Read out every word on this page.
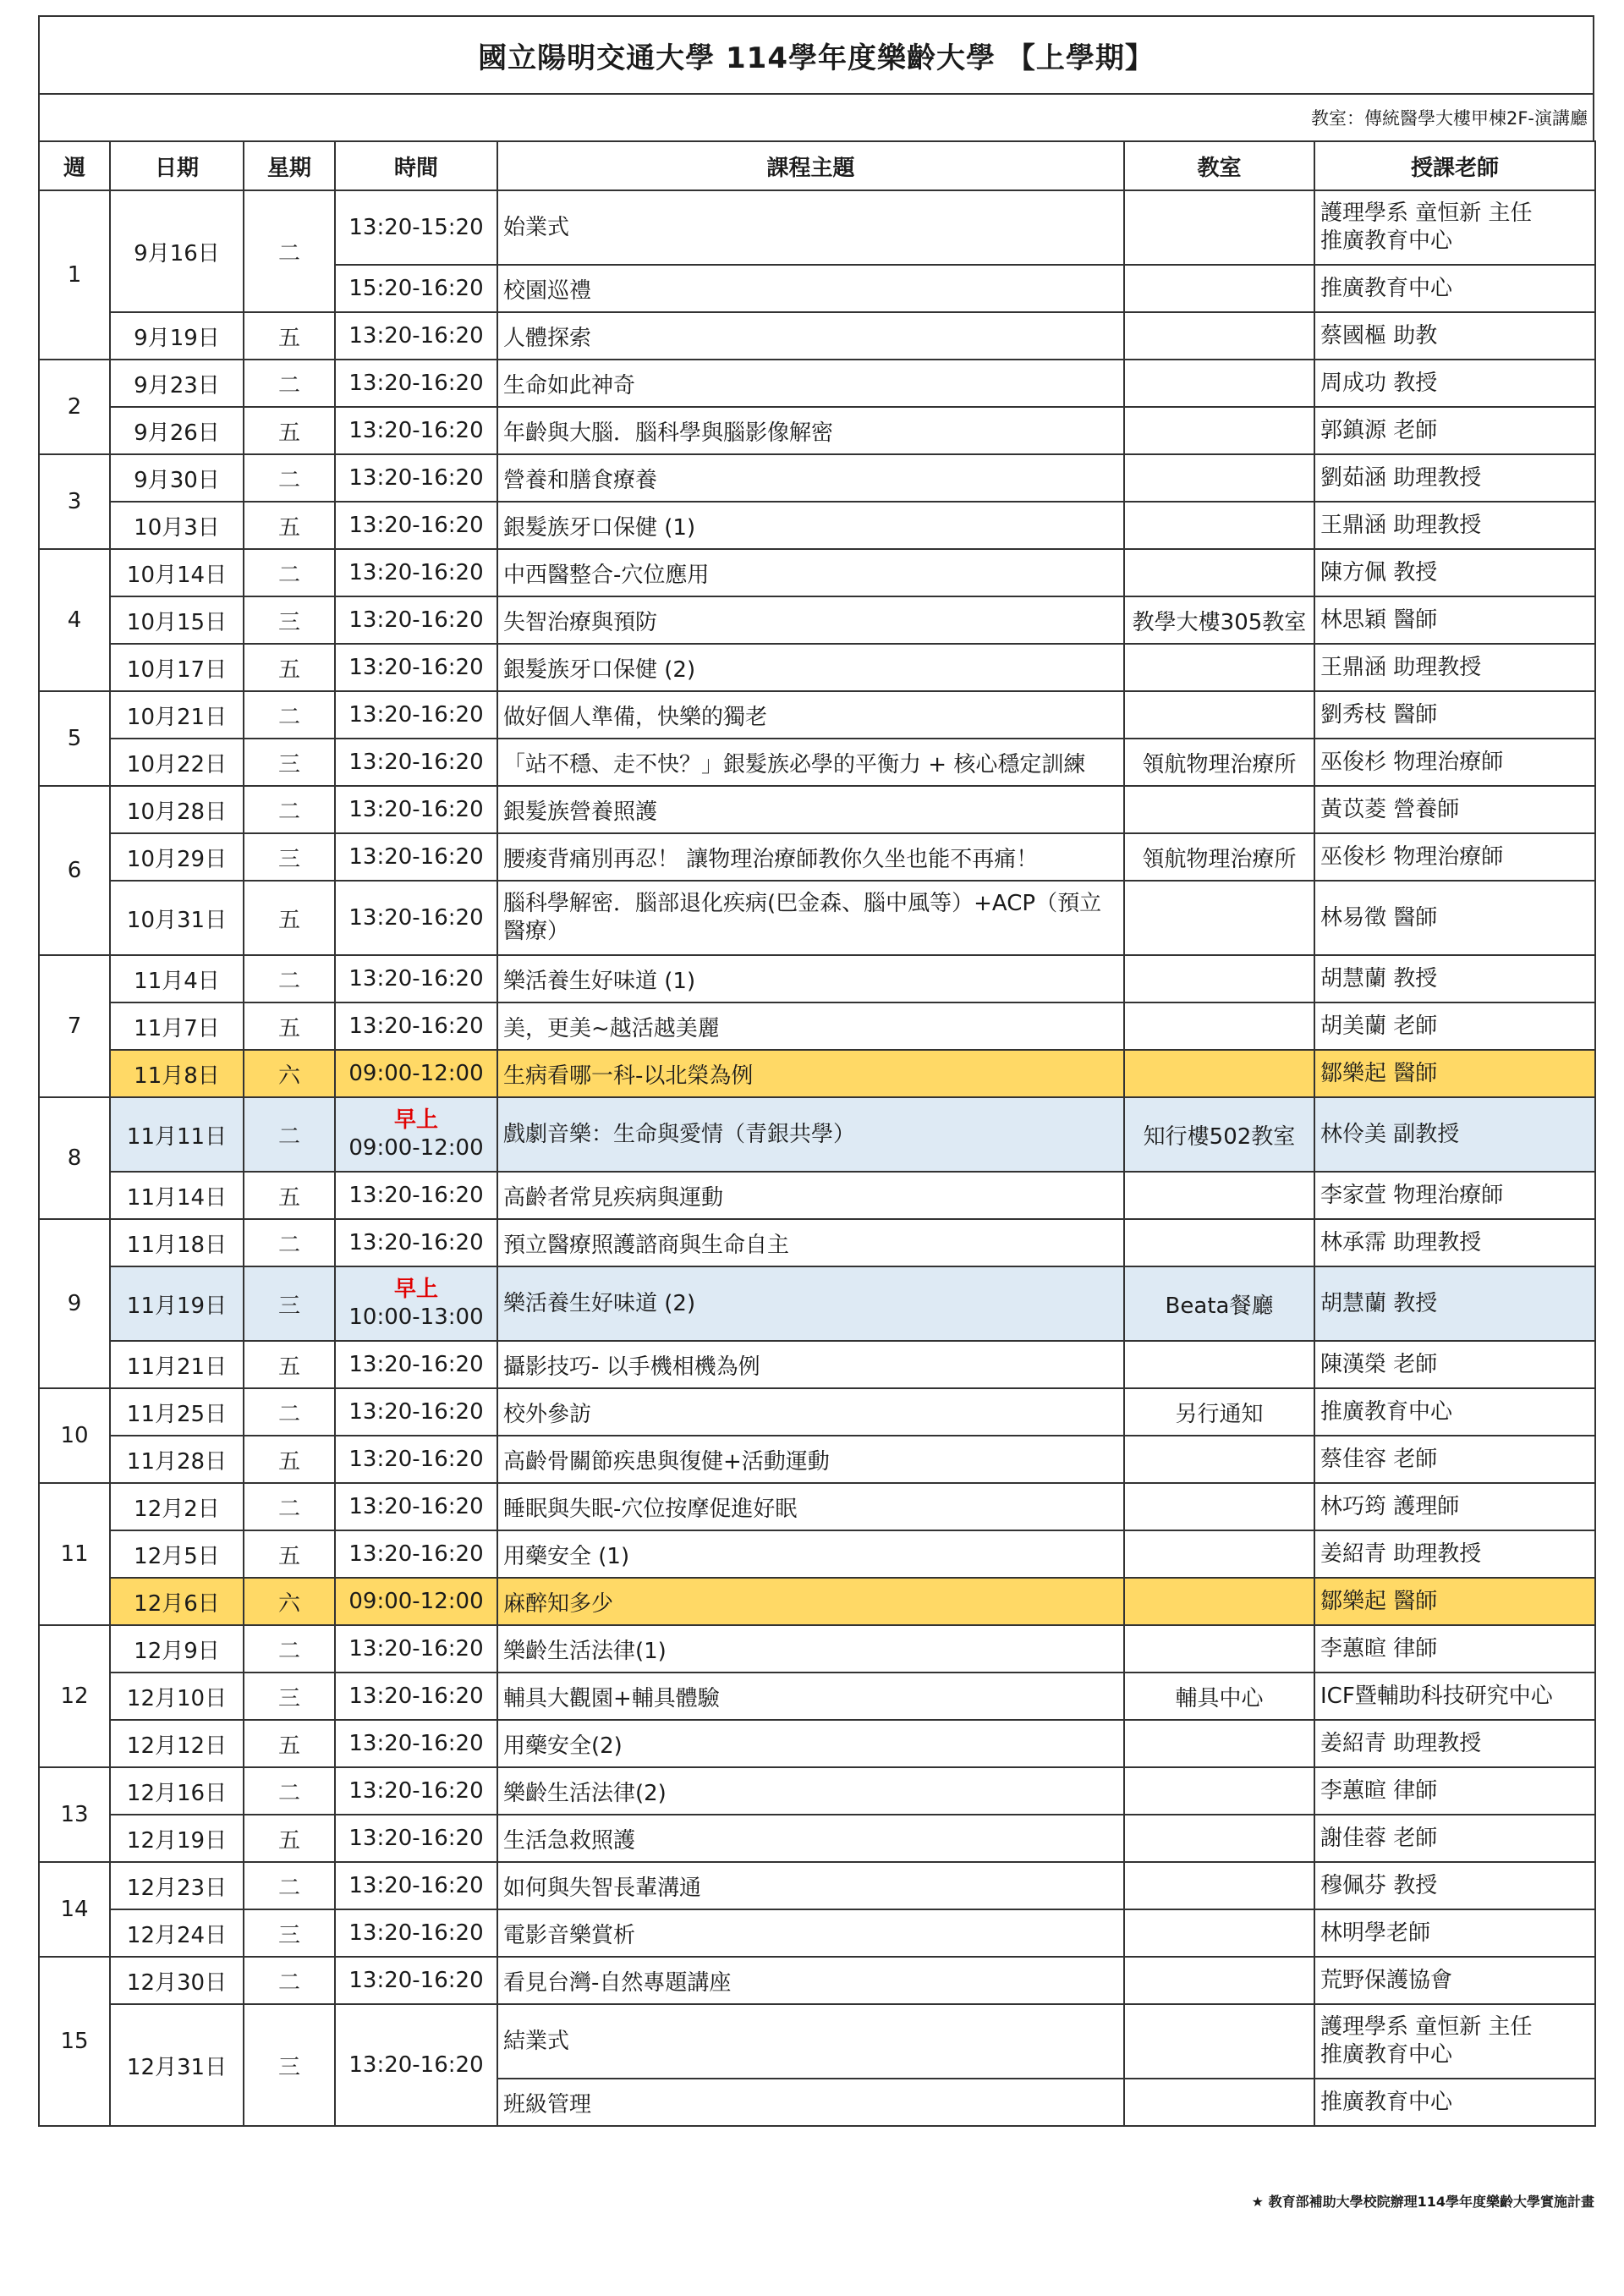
國立陽明交通大學 114學年度樂齡大學 【上學期】
教室：傳統醫學大樓甲棟2F-演講廳
週	日期	星期	時間	課程主題	教室	授課老師
1	9月16日	二	13:20-15:20	始業式		護理學系 童恒新 主任
推廣教育中心

			15:20-16:20	校園巡禮		推廣教育中心

	9月19日	五	13:20-16:20	人體探索		蔡國樞 助教

2	9月23日	二	13:20-16:20	生命如此神奇		周成功 教授

	9月26日	五	13:20-16:20	年齡與大腦．腦科學與腦影像解密		郭鎮源 老師

3	9月30日	二	13:20-16:20	營養和膳食療養		劉茹涵 助理教授

	10月3日	五	13:20-16:20	銀髮族牙口保健 (1)		王鼎涵 助理教授

4	10月14日	二	13:20-16:20	中西醫整合-穴位應用		陳方佩 教授

	10月15日	三	13:20-16:20	失智治療與預防	教學大樓305教室	林思穎 醫師

	10月17日	五	13:20-16:20	銀髮族牙口保健 (2)		王鼎涵 助理教授

5	10月21日	二	13:20-16:20	做好個人準備，快樂的獨老		劉秀枝 醫師

	10月22日	三	13:20-16:20	「站不穩、走不快？」銀髮族必學的平衡力 + 核心穩定訓練	領航物理治療所	巫俊杉 物理治療師

6	10月28日	二	13:20-16:20	銀髮族營養照護		黃苡菱 營養師

	10月29日	三	13:20-16:20	腰痠背痛別再忍！ 讓物理治療師教你久坐也能不再痛！	領航物理治療所	巫俊杉 物理治療師

	10月31日	五	13:20-16:20	腦科學解密．腦部退化疾病(巴金森、腦中風等）+ACP（預立醫療）		林易徵 醫師

7	11月4日	二	13:20-16:20	樂活養生好味道 (1)		胡慧蘭 教授

	11月7日	五	13:20-16:20	美，更美~越活越美麗		胡美蘭 老師

	11月8日	六	09:00-12:00	生病看哪一科-以北榮為例		鄒樂起 醫師

8	11月11日	二	早上
09:00-12:00	戲劇音樂：生命與愛情（青銀共學）	知行樓502教室	林伶美 副教授

	11月14日	五	13:20-16:20	高齡者常見疾病與運動		李家萱 物理治療師

9	11月18日	二	13:20-16:20	預立醫療照護諮商與生命自主		林承霈 助理教授

	11月19日	三	早上
10:00-13:00	樂活養生好味道 (2)	Beata餐廳	胡慧蘭 教授

	11月21日	五	13:20-16:20	攝影技巧- 以手機相機為例		陳漢榮 老師

10	11月25日	二	13:20-16:20	校外參訪	另行通知	推廣教育中心

	11月28日	五	13:20-16:20	高齡骨關節疾患與復健+活動運動		蔡佳容 老師

11	12月2日	二	13:20-16:20	睡眠與失眠-穴位按摩促進好眠		林巧筠 護理師

	12月5日	五	13:20-16:20	用藥安全 (1)		姜紹青 助理教授

	12月6日	六	09:00-12:00	麻醉知多少		鄒樂起 醫師

12	12月9日	二	13:20-16:20	樂齡生活法律(1)		李蕙暄 律師

	12月10日	三	13:20-16:20	輔具大觀園+輔具體驗	輔具中心	ICF暨輔助科技研究中心

	12月12日	五	13:20-16:20	用藥安全(2)		姜紹青 助理教授

13	12月16日	二	13:20-16:20	樂齡生活法律(2)		李蕙暄 律師

	12月19日	五	13:20-16:20	生活急救照護		謝佳蓉 老師

14	12月23日	二	13:20-16:20	如何與失智長輩溝通		穆佩芬 教授

	12月24日	三	13:20-16:20	電影音樂賞析		林明學老師

15	12月30日	二	13:20-16:20	看見台灣-自然專題講座		荒野保護協會

	12月31日	三	13:20-16:20	結業式		護理學系 童恒新 主任
推廣教育中心

				班級管理		推廣教育中心
★ 教育部補助大學校院辦理114學年度樂齡大學實施計畫
